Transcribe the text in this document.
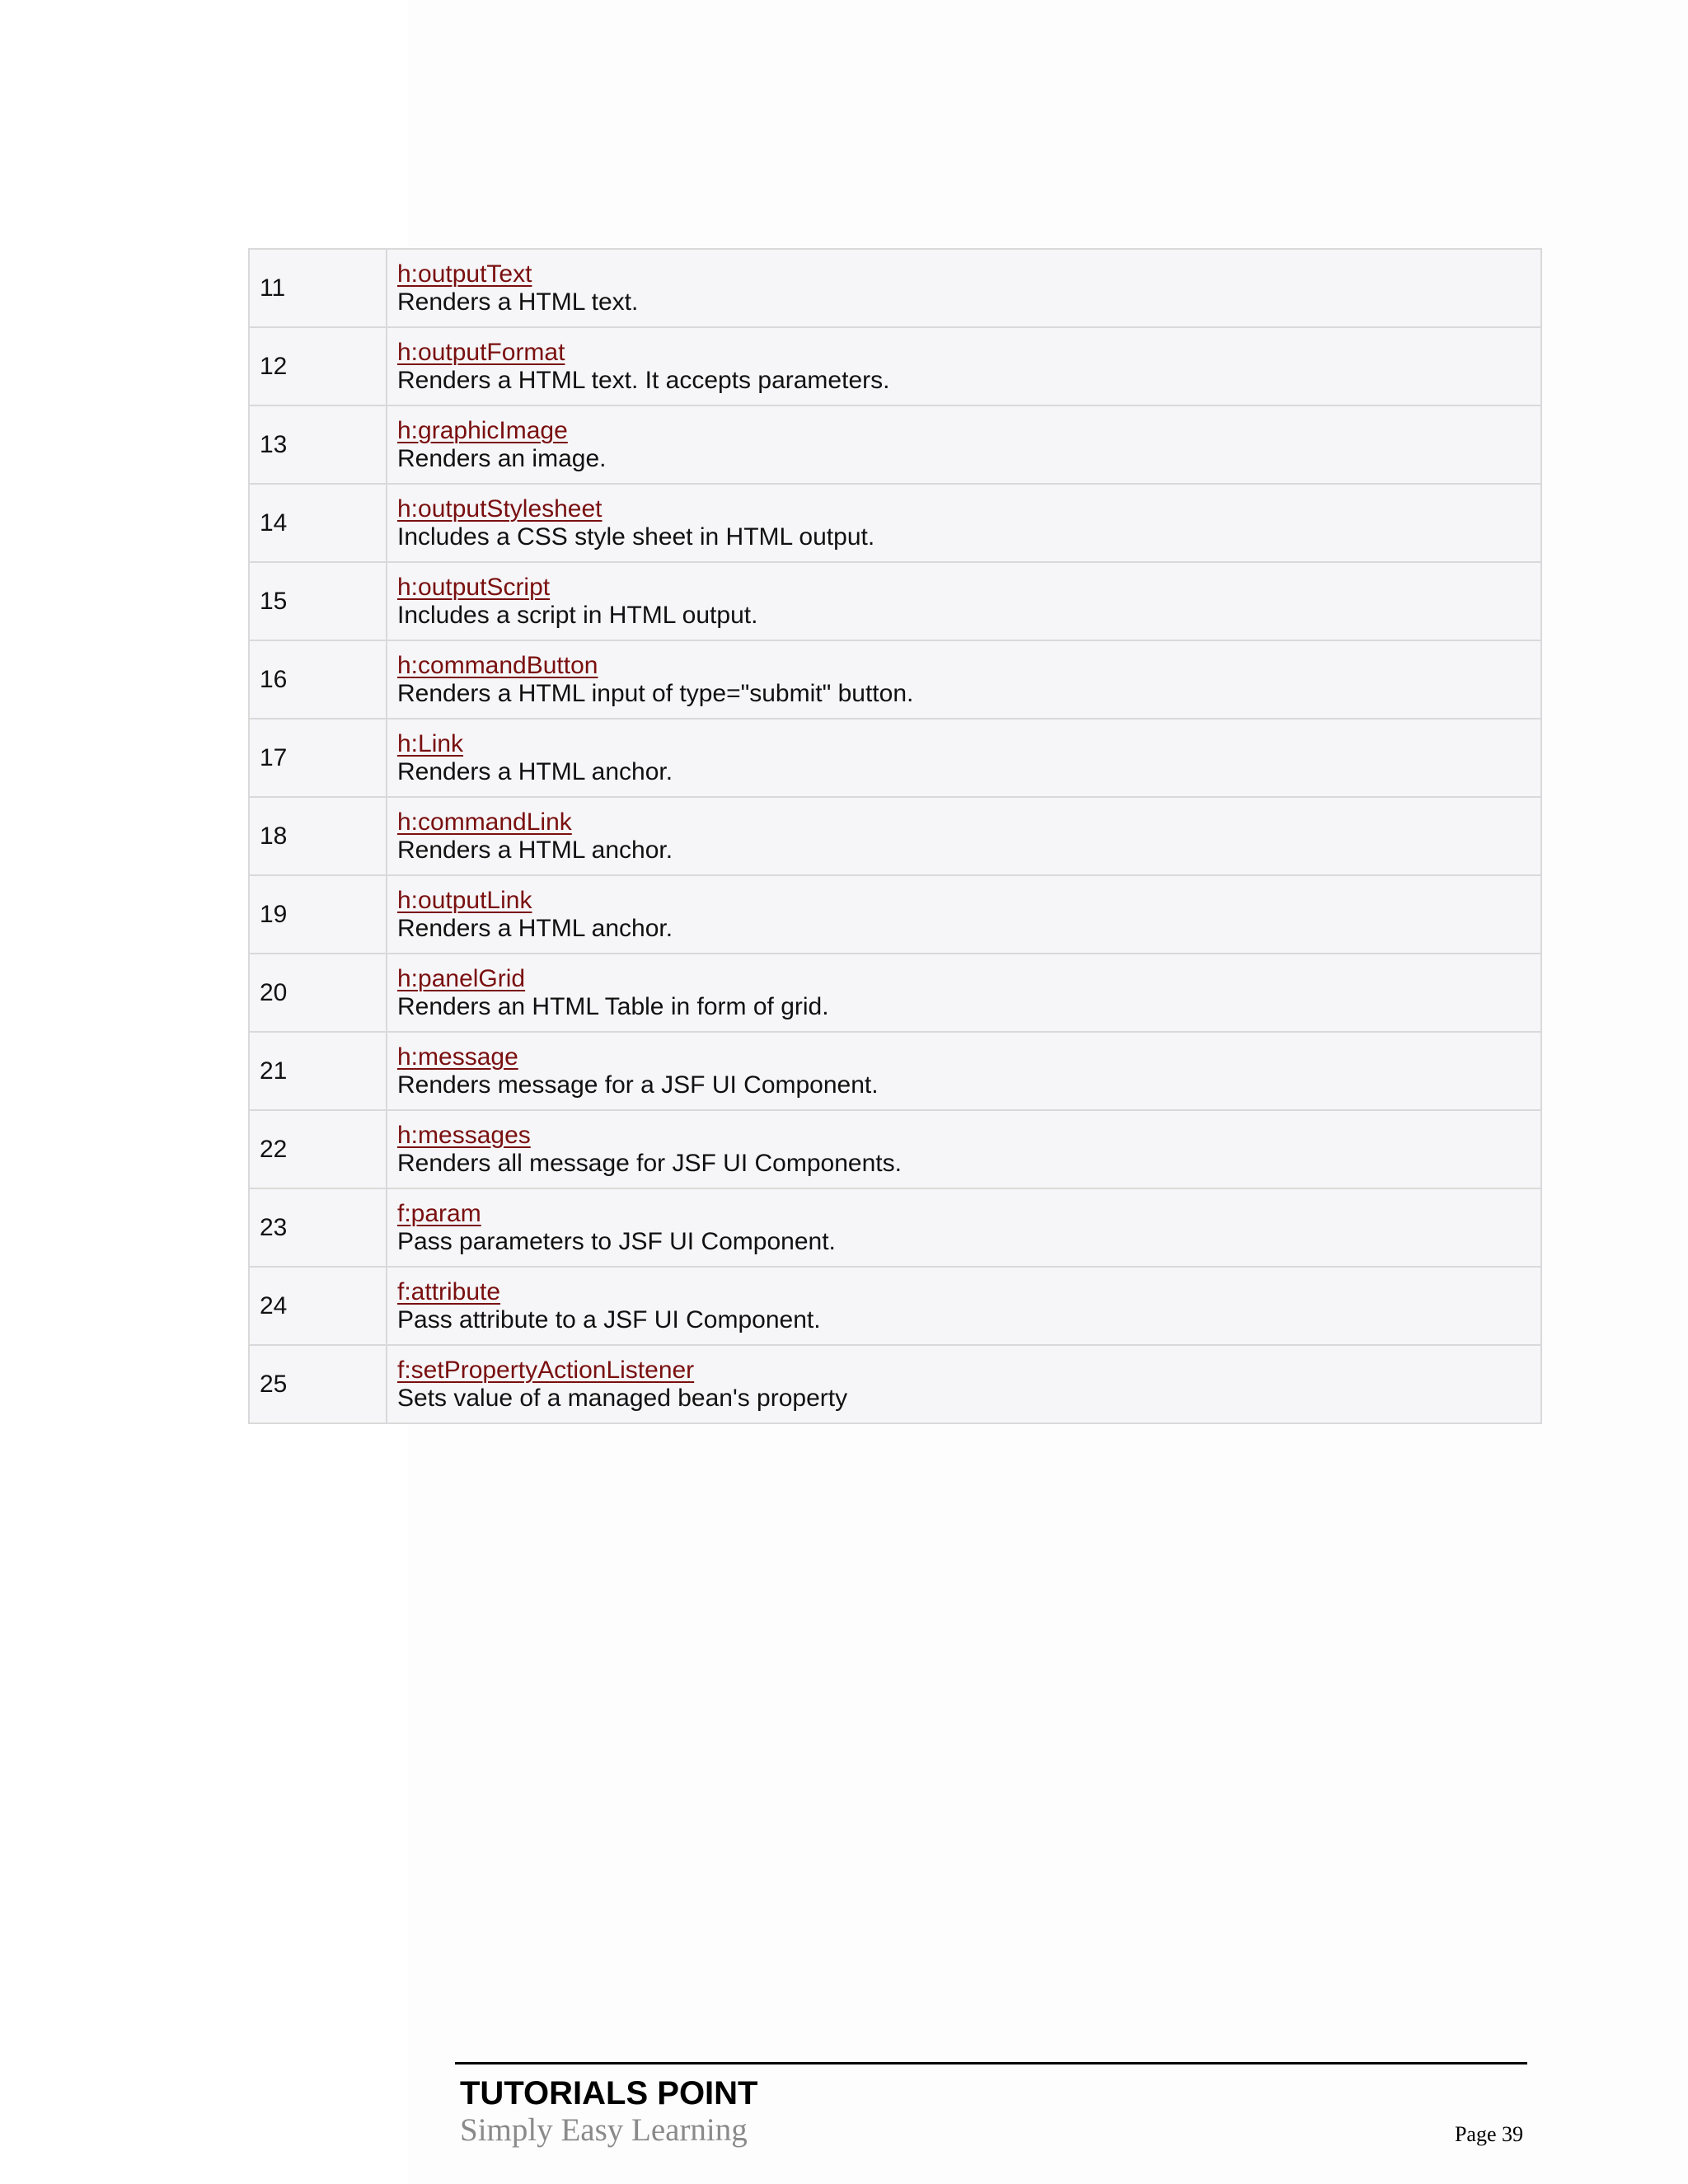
11	h:outputText
Renders a HTML text.

12	h:outputFormat
Renders a HTML text. It accepts parameters.

13	h:graphicImage
Renders an image.

14	h:outputStylesheet
Includes a CSS style sheet in HTML output.

15	h:outputScript
Includes a script in HTML output.

16	h:commandButton
Renders a HTML input of type="submit" button.

17	h:Link
Renders a HTML anchor.

18	h:commandLink
Renders a HTML anchor.

19	h:outputLink
Renders a HTML anchor.

20	h:panelGrid
Renders an HTML Table in form of grid.

21	h:message
Renders message for a JSF UI Component.

22	h:messages
Renders all message for JSF UI Components.

23	f:param
Pass parameters to JSF UI Component.

24	f:attribute
Pass attribute to a JSF UI Component.

25	f:setPropertyActionListener
Sets value of a managed bean's property
TUTORIALS POINT
Simply Easy Learning	Page 39
